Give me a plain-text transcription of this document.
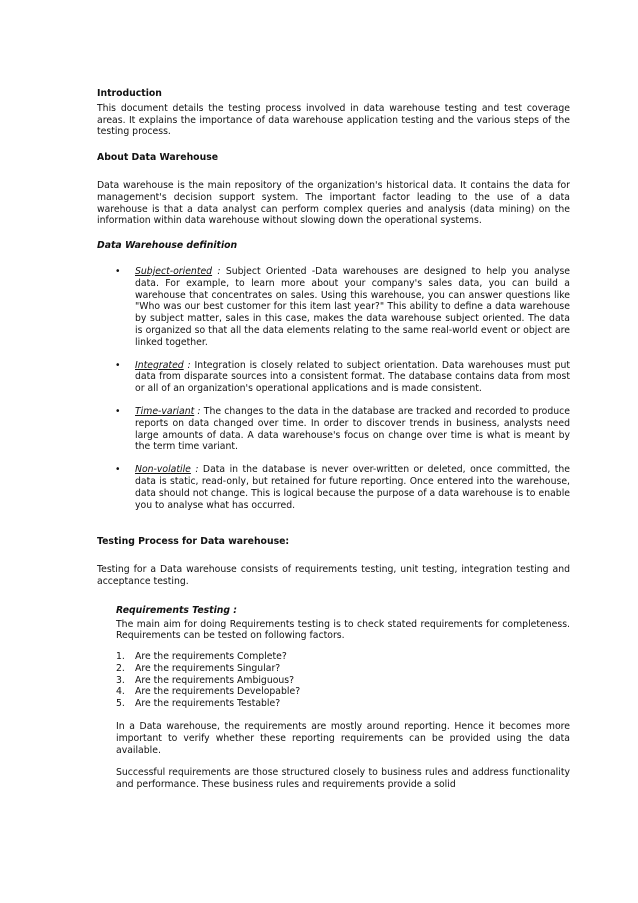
Introduction

This document details the testing process involved in data warehouse testing and test coverage areas. It explains the importance of data warehouse application testing and the various steps of the testing process.

About Data Warehouse

Data warehouse is the main repository of the organization's historical data. It contains the data for management's decision support system. The important factor leading to the use of a data warehouse is that a data analyst can perform complex queries and analysis (data mining) on the information within data warehouse without slowing down the operational systems.

Data Warehouse definition

• Subject-oriented : Subject Oriented -Data warehouses are designed to help you analyse data. For example, to learn more about your company's sales data, you can build a warehouse that concentrates on sales. Using this warehouse, you can answer questions like "Who was our best customer for this item last year?" This ability to define a data warehouse by subject matter, sales in this case, makes the data warehouse subject oriented. The data is organized so that all the data elements relating to the same real-world event or object are linked together.
• Integrated : Integration is closely related to subject orientation. Data warehouses must put data from disparate sources into a consistent format. The database contains data from most or all of an organization's operational applications and is made consistent.
• Time-variant : The changes to the data in the database are tracked and recorded to produce reports on data changed over time. In order to discover trends in business, analysts need large amounts of data. A data warehouse's focus on change over time is what is meant by the term time variant.
• Non-volatile : Data in the database is never over-written or deleted, once committed, the data is static, read-only, but retained for future reporting. Once entered into the warehouse, data should not change. This is logical because the purpose of a data warehouse is to enable you to analyse what has occurred.

Testing Process for Data warehouse:

Testing for a Data warehouse consists of requirements testing, unit testing, integration testing and acceptance testing.

Requirements Testing :

The main aim for doing Requirements testing is to check stated requirements for completeness. Requirements can be tested on following factors.

1. Are the requirements Complete?
2. Are the requirements Singular?
3. Are the requirements Ambiguous?
4. Are the requirements Developable?
5. Are the requirements Testable?

In a Data warehouse, the requirements are mostly around reporting. Hence it becomes more important to verify whether these reporting requirements can be provided using the data available.

Successful requirements are those structured closely to business rules and address functionality and performance. These business rules and requirements provide a solid
